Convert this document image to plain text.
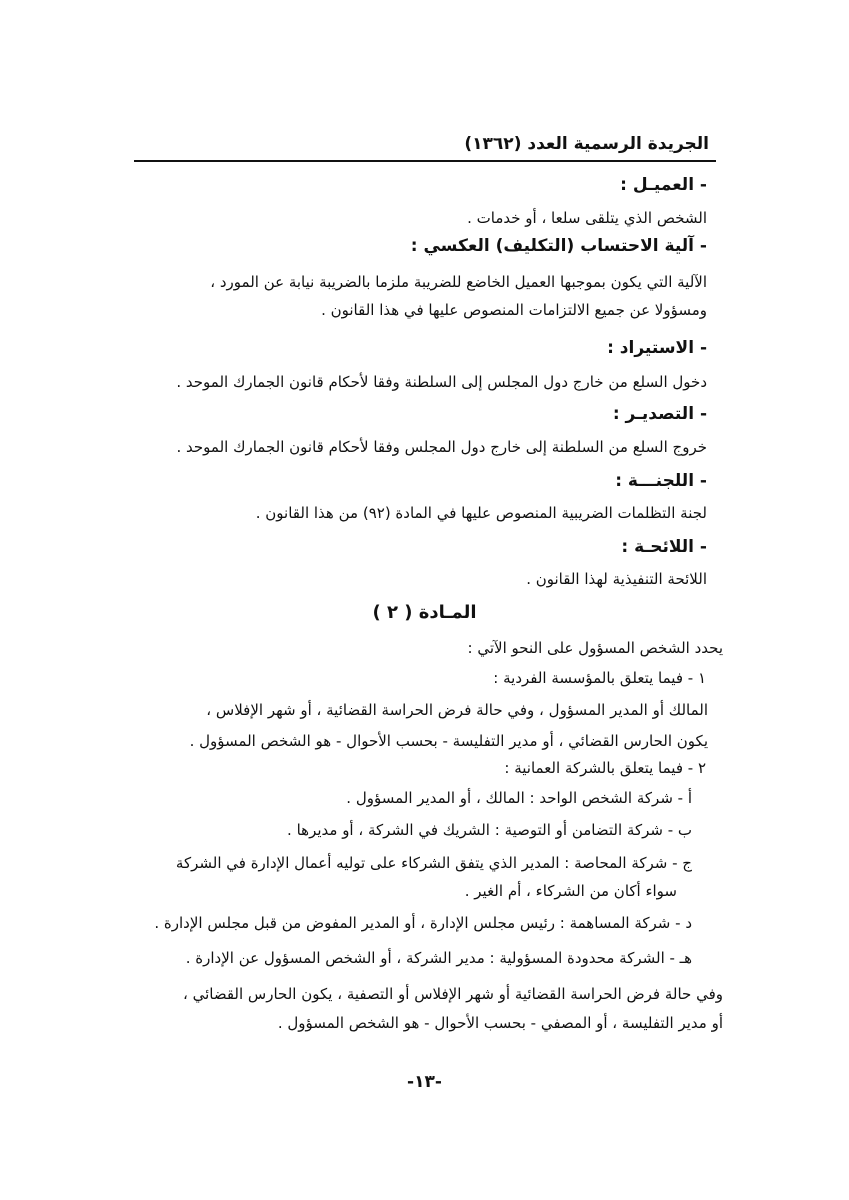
الجريدة الرسمية العدد (١٣٦٢)
- العميـل :
الشخص الذي يتلقى سلعا ، أو خدمات .
- آلية الاحتساب (التكليف) العكسي :
الآلية التي يكون بموجبها العميل الخاضع للضريبة ملزما بالضريبة نيابة عن المورد ،
ومسؤولا عن جميع الالتزامات المنصوص عليها في هذا القانون .
- الاستيراد :
دخول السلع من خارج دول المجلس إلى السلطنة وفقا لأحكام قانون الجمارك الموحد .
- التصديـر :
خروج السلع من السلطنة إلى خارج دول المجلس وفقا لأحكام قانون الجمارك الموحد .
- اللجنـــة :
لجنة التظلمات الضريبية المنصوص عليها في المادة (٩٢) من هذا القانون .
- اللائحـة :
اللائحة التنفيذية لهذا القانون .
المـادة ( ٢ )
يحدد الشخص المسؤول على النحو الآتي :
١ - فيما يتعلق بالمؤسسة الفردية :
المالك أو المدير المسؤول ، وفي حالة فرض الحراسة القضائية ، أو شهر الإفلاس ،
يكون الحارس القضائي ، أو مدير التفليسة - بحسب الأحوال - هو الشخص المسؤول .
٢ - فيما يتعلق بالشركة العمانية :
أ - شركة الشخص الواحد : المالك ، أو المدير المسؤول .
ب - شركة التضامن أو التوصية : الشريك في الشركة ، أو مديرها .
ج - شركة المحاصة : المدير الذي يتفق الشركاء على توليه أعمال الإدارة في الشركة
سواء أكان من الشركاء ، أم الغير .
د - شركة المساهمة : رئيس مجلس الإدارة ، أو المدير المفوض من قبل مجلس الإدارة .
هـ - الشركة محدودة المسؤولية : مدير الشركة ، أو الشخص المسؤول عن الإدارة .
وفي حالة فرض الحراسة القضائية أو شهر الإفلاس أو التصفية ، يكون الحارس القضائي ،
أو مدير التفليسة ، أو المصفي - بحسب الأحوال - هو الشخص المسؤول .
-١٣-
